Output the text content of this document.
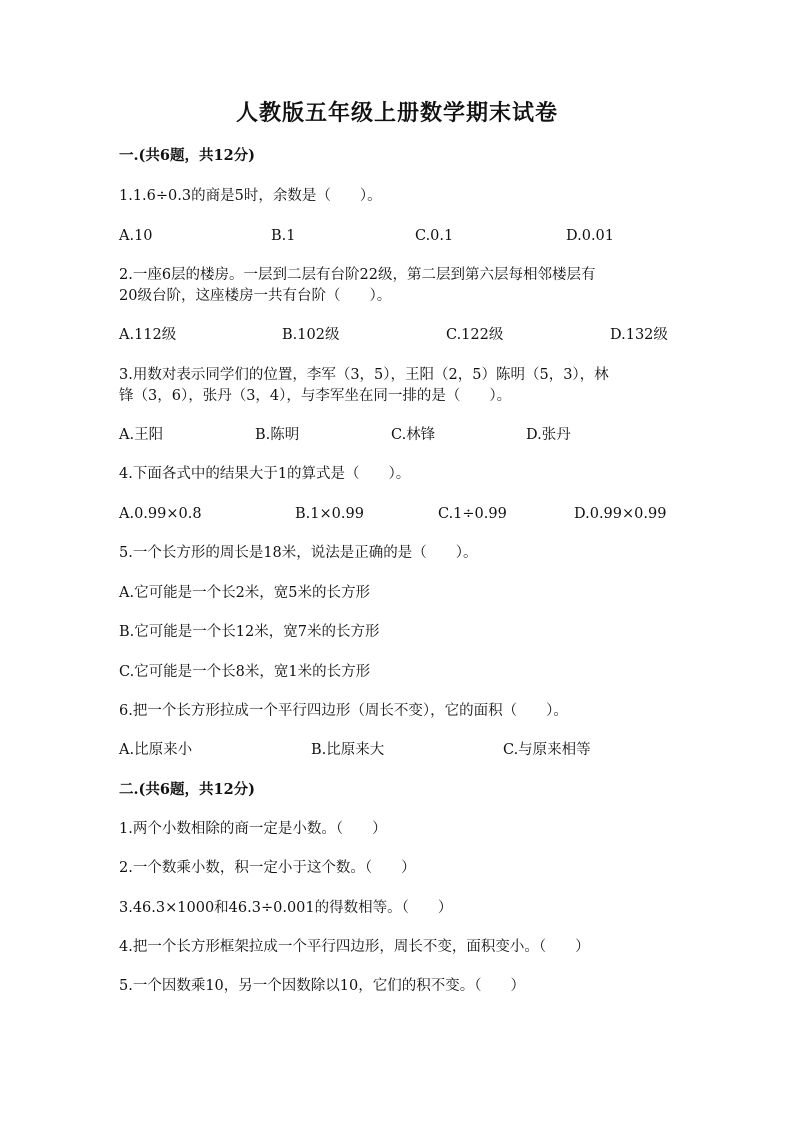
人教版五年级上册数学期末试卷
一.(共6题，共12分)
1.1.6÷0.3的商是5时，余数是（　　）。
A.10	B.1	C.0.1	D.0.01
2.一座6层的楼房。一层到二层有台阶22级，第二层到第六层每相邻楼层有
20级台阶，这座楼房一共有台阶（　　）。
A.112级	B.102级	C.122级	D.132级
3.用数对表示同学们的位置，李军（3，5），王阳（2，5）陈明（5，3），林
锋（3，6），张丹（3，4），与李军坐在同一排的是（　　）。
A.王阳	B.陈明	C.林锋	D.张丹
4.下面各式中的结果大于1的算式是（　　）。
A.0.99×0.8	B.1×0.99	C.1÷0.99	D.0.99×0.99
5.一个长方形的周长是18米，说法是正确的是（　　）。
A.它可能是一个长2米，宽5米的长方形
B.它可能是一个长12米，宽7米的长方形
C.它可能是一个长8米，宽1米的长方形
6.把一个长方形拉成一个平行四边形（周长不变），它的面积（　　）。
A.比原来小	B.比原来大	C.与原来相等
二.(共6题，共12分)
1.两个小数相除的商一定是小数。（　　）
2.一个数乘小数，积一定小于这个数。（　　）
3.46.3×1000和46.3÷0.001的得数相等。（　　）
4.把一个长方形框架拉成一个平行四边形，周长不变，面积变小。（　　）
5.一个因数乘10，另一个因数除以10，它们的积不变。（　　）
